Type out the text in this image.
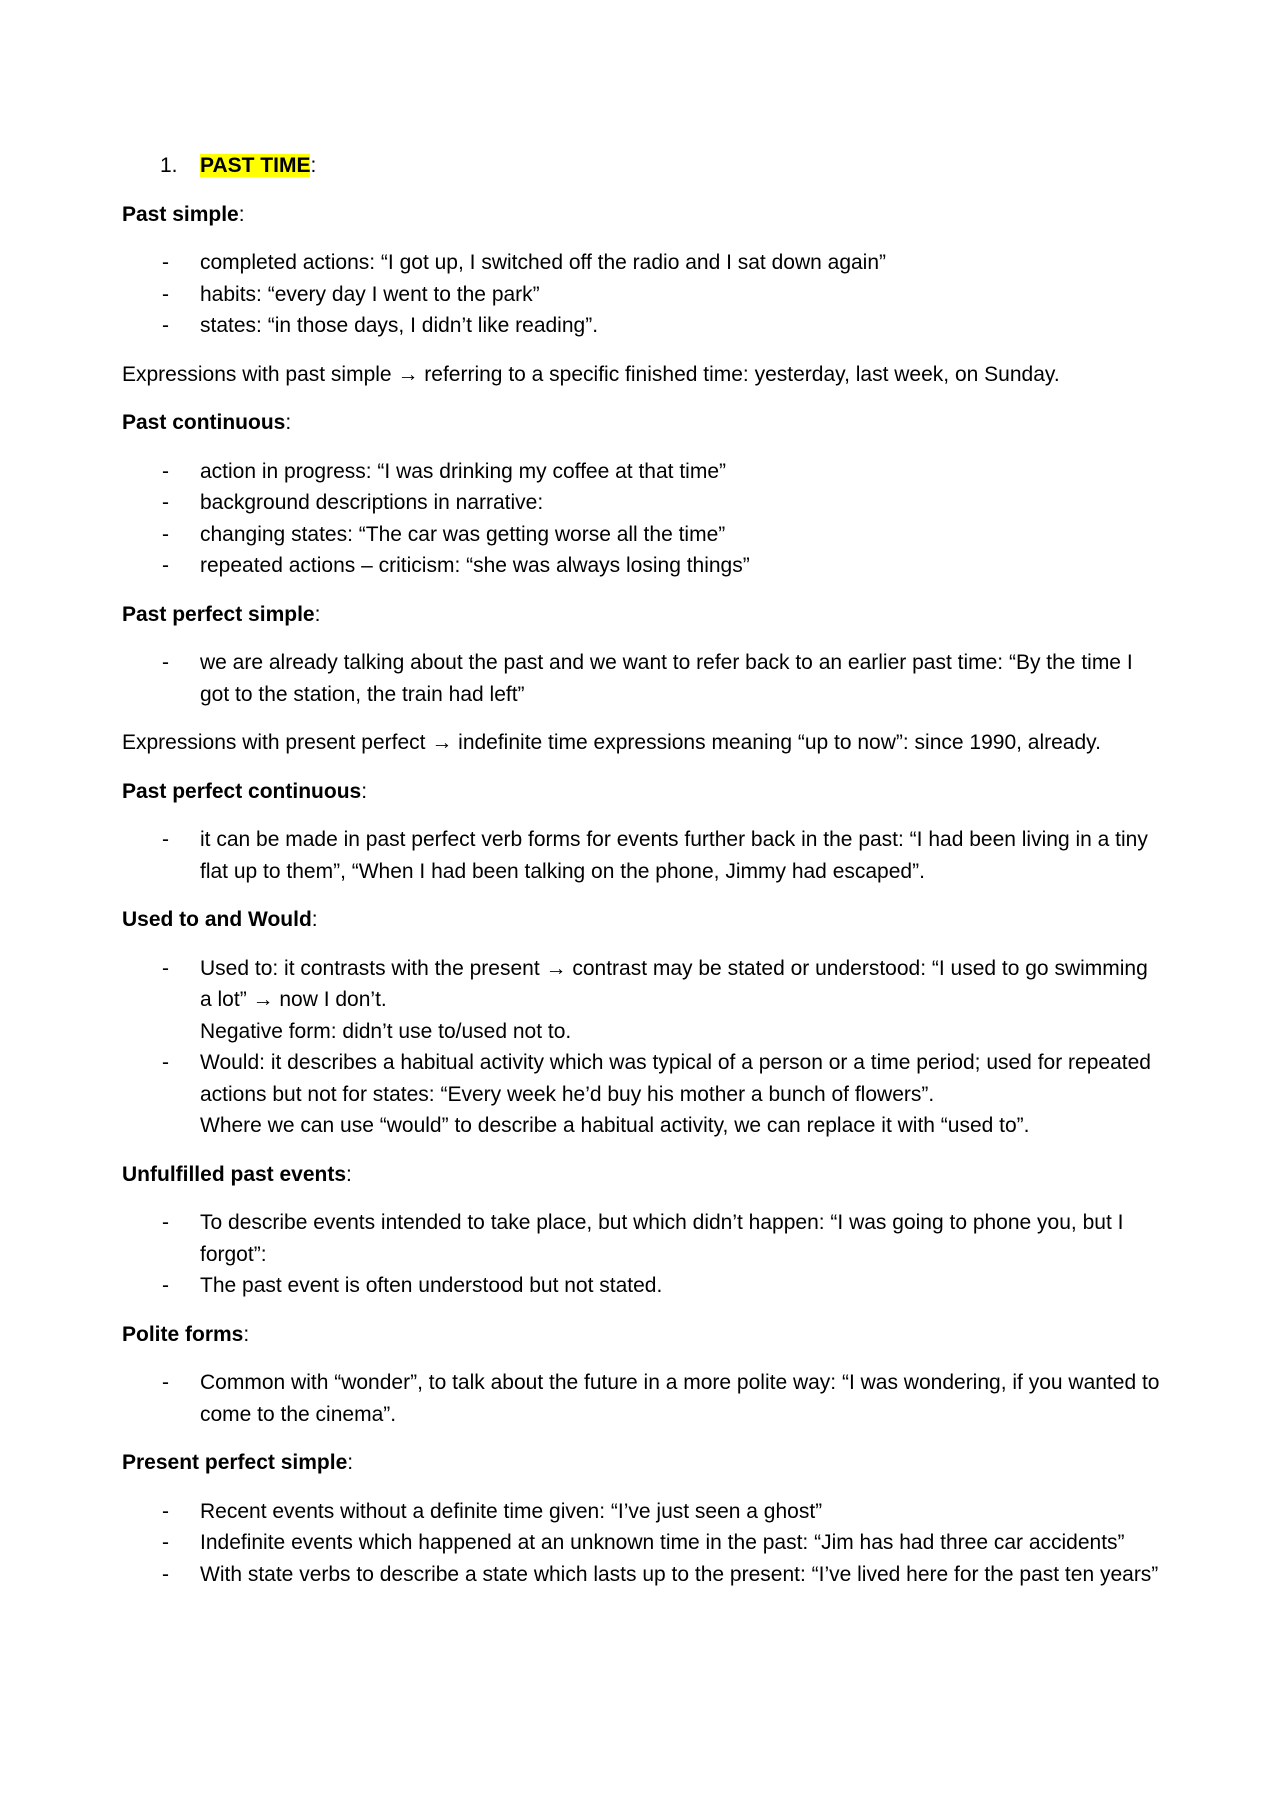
1.	PAST TIME:
Past simple:
- completed actions: “I got up, I switched off the radio and I sat down again”
- habits: “every day I went to the park”
- states: “in those days, I didn’t like reading”.
Expressions with past simple → referring to a specific finished time: yesterday, last week, on Sunday.
Past continuous:
- action in progress: “I was drinking my coffee at that time”
- background descriptions in narrative:
- changing states: “The car was getting worse all the time”
- repeated actions – criticism: “she was always losing things”
Past perfect simple:
- we are already talking about the past and we want to refer back to an earlier past time: “By the time I got to the station, the train had left”
Expressions with present perfect → indefinite time expressions meaning “up to now”: since 1990, already.
Past perfect continuous:
- it can be made in past perfect verb forms for events further back in the past: “I had been living in a tiny flat up to them”, “When I had been talking on the phone, Jimmy had escaped”.
Used to and Would:
- Used to: it contrasts with the present → contrast may be stated or understood: “I used to go swimming a lot” → now I don’t.
Negative form: didn’t use to/used not to.
- Would: it describes a habitual activity which was typical of a person or a time period; used for repeated actions but not for states: “Every week he’d buy his mother a bunch of flowers”.
Where we can use “would” to describe a habitual activity, we can replace it with “used to”.
Unfulfilled past events:
- To describe events intended to take place, but which didn’t happen: “I was going to phone you, but I forgot”:
- The past event is often understood but not stated.
Polite forms:
- Common with “wonder”, to talk about the future in a more polite way: “I was wondering, if you wanted to come to the cinema”.
Present perfect simple:
- Recent events without a definite time given: “I’ve just seen a ghost”
- Indefinite events which happened at an unknown time in the past: “Jim has had three car accidents”
- With state verbs to describe a state which lasts up to the present: “I’ve lived here for the past ten years”
